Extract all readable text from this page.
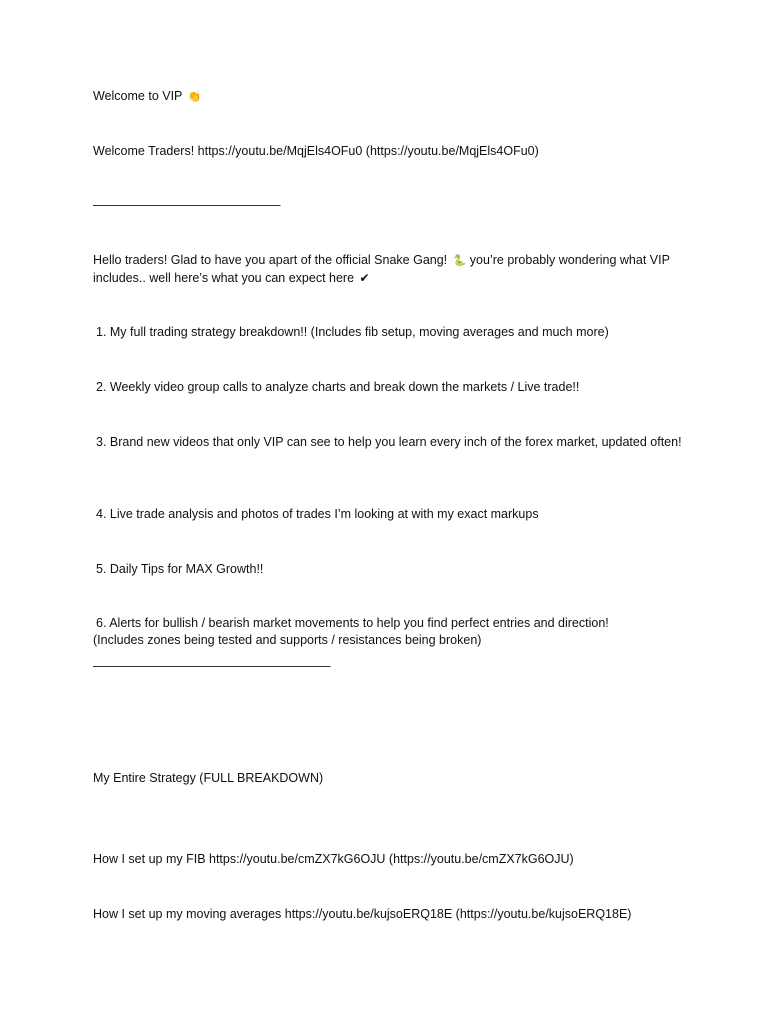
Welcome to VIP 👏
Welcome Traders! https://youtu.be/MqjEls4OFu0 (https://youtu.be/MqjEls4OFu0)
———————————————
Hello traders! Glad to have you apart of the official Snake Gang! 🐍 you’re probably wondering what VIP includes.. well here’s what you can expect here ✔
1. My full trading strategy breakdown!! (Includes fib setup, moving averages and much more)
2. Weekly video group calls to analyze charts and break down the markets / Live trade!!
3. Brand new videos that only VIP can see to help you learn every inch of the forex market, updated often!
4. Live trade analysis and photos of trades I’m looking at with my exact markups
5. Daily Tips for MAX Growth!!
6. Alerts for bullish / bearish market movements to help you find perfect entries and direction!
(Includes zones being tested and supports / resistances being broken)
———————————————————
My Entire Strategy (FULL BREAKDOWN)
How I set up my FIB https://youtu.be/cmZX7kG6OJU (https://youtu.be/cmZX7kG6OJU)
How I set up my moving averages https://youtu.be/kujsoERQ18E (https://youtu.be/kujsoERQ18E)
